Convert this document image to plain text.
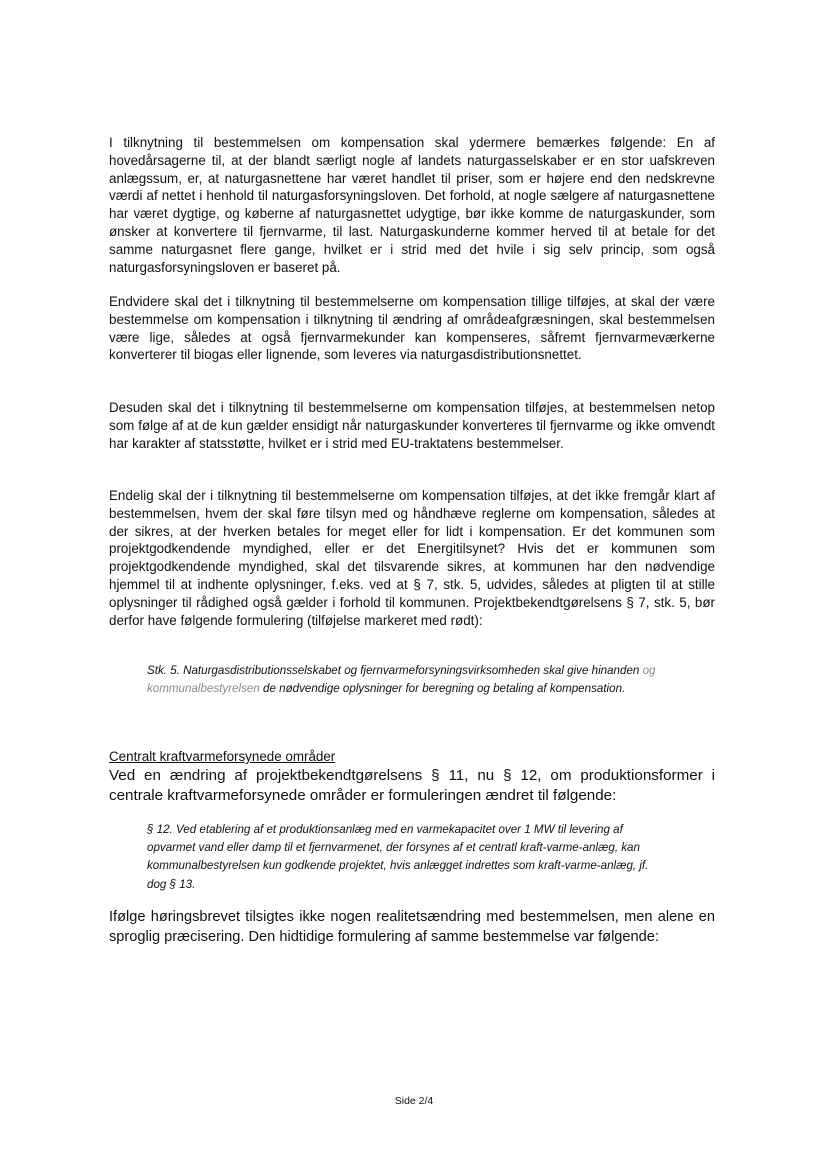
I tilknytning til bestemmelsen om kompensation skal ydermere bemærkes følgende: En af hovedårsagerne til, at der blandt særligt nogle af landets naturgasselskaber er en stor uafskreven anlægssum, er, at naturgasnettene har været handlet til priser, som er højere end den nedskrevne værdi af nettet i henhold til naturgasforsyningsloven. Det forhold, at nogle sælgere af naturgasnettene har været dygtige, og køberne af naturgasnettet udygtige, bør ikke komme de naturgaskunder, som ønsker at konvertere til fjernvarme, til last. Naturgaskunderne kommer herved til at betale for det samme naturgasnet flere gange, hvilket er i strid med det hvile i sig selv princip, som også naturgasforsyningsloven er baseret på.

Endvidere skal det i tilknytning til bestemmelserne om kompensation tillige tilføjes, at skal der være bestemmelse om kompensation i tilknytning til ændring af områdeafgræsningen, skal bestemmelsen være lige, således at også fjernvarmekunder kan kompenseres, såfremt fjernvarmeværkerne konverterer til biogas eller lignende, som leveres via naturgasdistributionsnettet.

Desuden skal det i tilknytning til bestemmelserne om kompensation tilføjes, at bestemmelsen netop som følge af at de kun gælder ensidigt når naturgaskunder konverteres til fjernvarme og ikke omvendt har karakter af statsstøtte, hvilket er i strid med EU-traktatens bestemmelser.

Endelig skal der i tilknytning til bestemmelserne om kompensation tilføjes, at det ikke fremgår klart af bestemmelsen, hvem der skal føre tilsyn med og håndhæve reglerne om kompensation, således at der sikres, at der hverken betales for meget eller for lidt i kompensation. Er det kommunen som projektgodkendende myndighed, eller er det Energitilsynet? Hvis det er kommunen som projektgodkendende myndighed, skal det tilsvarende sikres, at kommunen har den nødvendige hjemmel til at indhente oplysninger, f.eks. ved at § 7, stk. 5, udvides, således at pligten til at stille oplysninger til rådighed også gælder i forhold til kommunen. Projektbekendtgørelsens § 7, stk. 5, bør derfor have følgende formulering (tilføjelse markeret med rødt):

Stk. 5. Naturgasdistributionsselskabet og fjernvarmeforsyningsvirksomheden skal give hinanden og kommunalbestyrelsen de nødvendige oplysninger for beregning og betaling af kompensation.

Centralt kraftvarmeforsynede områder

Ved en ændring af projektbekendtgørelsens § 11, nu § 12, om produktionsformer i centrale kraftvarmeforsynede områder er formuleringen ændret til følgende:

§ 12. Ved etablering af et produktionsanlæg med en varmekapacitet over 1 MW til levering af opvarmet vand eller damp til et fjernvarmenet, der forsynes af et centratl kraft-varme-anlæg, kan kommunalbestyrelsen kun godkende projektet, hvis anlægget indrettes som kraft-varme-anlæg, jf. dog § 13.

Ifølge høringsbrevet tilsigtes ikke nogen realitetsændring med bestemmelsen, men alene en sproglig præcisering. Den hidtidige formulering af samme bestemmelse var følgende:

Side 2/4
